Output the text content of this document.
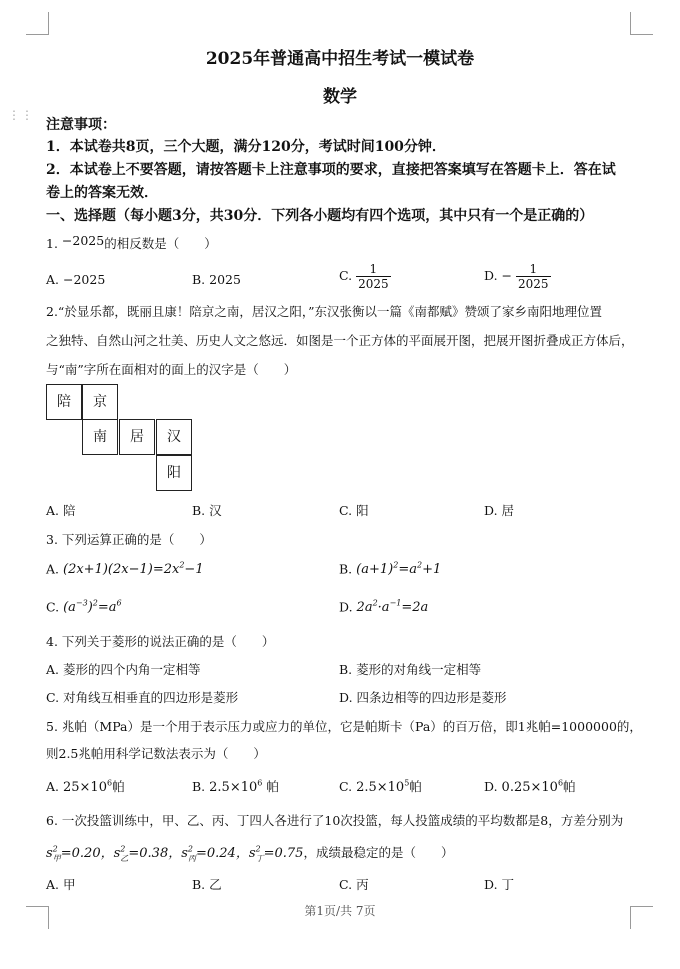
⋮⋮
2025年普通高中招生考试一模试卷
数学
注意事项：
1．本试卷共8页，三个大题，满分120分，考试时间100分钟．
2．本试卷上不要答题，请按答题卡上注意事项的要求，直接把答案填写在答题卡上．答在试
卷上的答案无效．
一、选择题（每小题3分，共30分．下列各小题均有四个选项，其中只有一个是正确的）
1. −2025的相反数是（　　）
A. −2025	B. 2025	C. $\frac{1}{2025}$	D. − $\frac{1}{2025}$
2.“於显乐都，既丽且康！陪京之南，居汉之阳，”东汉张衡以一篇《南都赋》赞颂了家乡南阳地理位置
之独特、自然山河之壮美、历史人文之悠远．如图是一个正方体的平面展开图，把展开图折叠成正方体后，
与“南”字所在面相对的面上的汉字是（　　）
陪	京
南	居	汉
阳
A. 陪	B. 汉	C. 阳	D. 居
3. 下列运算正确的是（　　）
A. $(2x+1)(2x-1)=2x^2-1$	B. $(a+1)^2=a^2+1$
C. $(a^{-3})^2=a^6$	D. $2a^2\cdot a^{-1}=2a$
4. 下列关于菱形的说法正确的是（　　）
A. 菱形的四个内角一定相等	B. 菱形的对角线一定相等
C. 对角线互相垂直的四边形是菱形	D. 四条边相等的四边形是菱形
5. 兆帕（MPa）是一个用于表示压力或应力的单位，它是帕斯卡（Pa）的百万倍，即1兆帕=1000000的，
则2.5兆帕用科学记数法表示为（　　）
A. $25\times 10^6$帕	B. $2.5\times 10^6$ 帕	C. $2.5\times 10^5$帕	D. $0.25\times 10^6$帕
6. 一次投篮训练中，甲、乙、丙、丁四人各进行了10次投篮，每人投篮成绩的平均数都是8，方差分别为
$s^2_甲=0.20$，$s^2_乙=0.38$，$s^2_丙=0.24$，$s^2_丁=0.75$，成绩最稳定的是（　　）
A. 甲	B. 乙	C. 丙	D. 丁
第1页/共 7页
